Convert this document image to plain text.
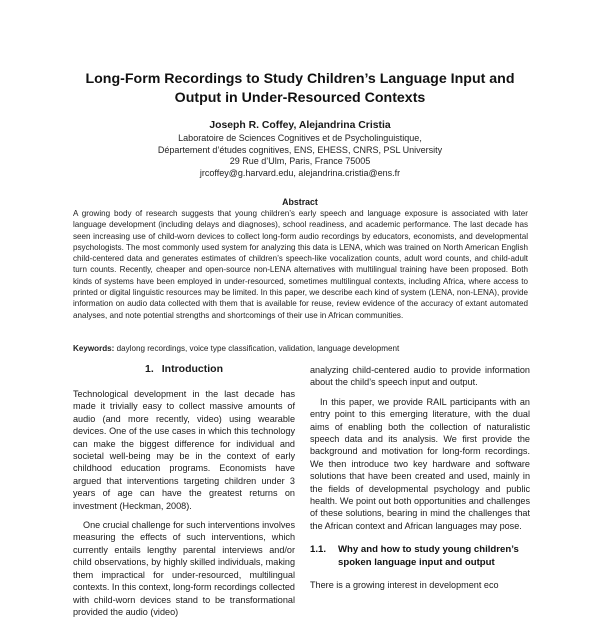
Long-Form Recordings to Study Children’s Language Input and
Output in Under-Resourced Contexts
Joseph R. Coffey, Alejandrina Cristia
Laboratoire de Sciences Cognitives et de Psycholinguistique,
Département d’études cognitives, ENS, EHESS, CNRS, PSL University
29 Rue d’Ulm, Paris, France 75005
jrcoffey@g.harvard.edu, alejandrina.cristia@ens.fr
Abstract
A growing body of research suggests that young children’s early speech and language exposure is associated with later language development (including delays and diagnoses), school readiness, and academic performance. The last decade has seen increasing use of child-worn devices to collect long-form audio recordings by educators, economists, and developmental psychologists. The most commonly used system for analyzing this data is LENA, which was trained on North American English child-centered data and generates estimates of children’s speech-like vocalization counts, adult word counts, and child-adult turn counts. Recently, cheaper and open-source non-LENA alternatives with multilingual training have been proposed. Both kinds of systems have been employed in under-resourced, sometimes multilingual contexts, including Africa, where access to printed or digital linguistic resources may be limited. In this paper, we describe each kind of system (LENA, non-LENA), provide information on audio data collected with them that is available for reuse, review evidence of the accuracy of extant automated analyses, and note potential strengths and shortcomings of their use in African communities.
Keywords: daylong recordings, voice type classification, validation, language development
1. Introduction

Technological development in the last decade has made it trivially easy to collect massive amounts of audio (and more recently, video) using wearable devices. One of the use cases in which this technology can make the biggest difference for individual and societal well-being may be in the context of early childhood education programs. Economists have argued that interventions targeting children under 3 years of age can have the greatest returns on investment (Heckman, 2008).

One crucial challenge for such interventions involves measuring the effects of such interventions, which currently entails lengthy parental interviews and/or child observations, by highly skilled individuals, making them impractical for under-resourced, multilingual contexts. In this context, long-form recordings collected with child-worn devices stand to be transformational provided the audio (video)

analyzing child-centered audio to provide information about the child’s speech input and output.

In this paper, we provide RAIL participants with an entry point to this emerging literature, with the dual aims of enabling both the collection of naturalistic speech data and its analysis. We first provide the background and motivation for long-form recordings. We then introduce two key hardware and software solutions that have been created and used, mainly in the fields of developmental psychology and public health. We point out both opportunities and challenges of these solutions, bearing in mind the challenges that the African context and African languages may pose.

1.1.	Why and how to study young children’s spoken language input and output

There is a growing interest in development eco
